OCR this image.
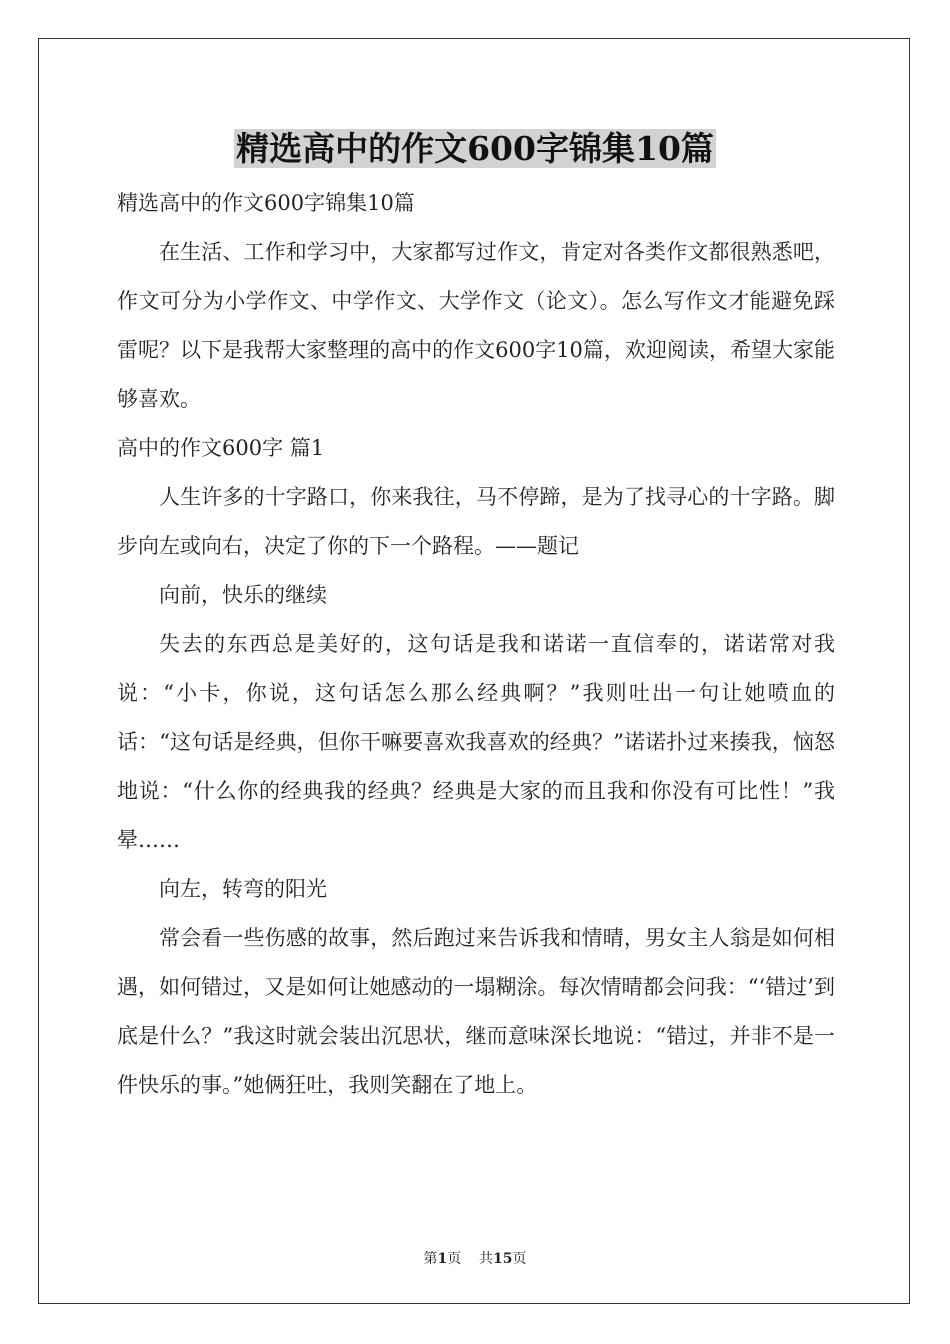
精选高中的作文600字锦集10篇

精选高中的作文600字锦集10篇

在生活、工作和学习中，大家都写过作文，肯定对各类作文都很熟悉吧，作文可分为小学作文、中学作文、大学作文（论文）。怎么写作文才能避免踩雷呢？以下是我帮大家整理的高中的作文600字10篇，欢迎阅读，希望大家能够喜欢。

高中的作文600字 篇1

人生许多的十字路口，你来我往，马不停蹄，是为了找寻心的十字路。脚步向左或向右，决定了你的下一个路程。——题记

向前，快乐的继续

失去的东西总是美好的，这句话是我和诺诺一直信奉的，诺诺常对我说：“小卡，你说，这句话怎么那么经典啊？”我则吐出一句让她喷血的话：“这句话是经典，但你干嘛要喜欢我喜欢的经典？”诺诺扑过来揍我，恼怒地说：“什么你的经典我的经典？经典是大家的而且我和你没有可比性！”我晕……

向左，转弯的阳光

常会看一些伤感的故事，然后跑过来告诉我和情晴，男女主人翁是如何相遇，如何错过，又是如何让她感动的一塌糊涂。每次情晴都会问我：“‘错过’到底是什么？”我这时就会装出沉思状，继而意味深长地说：“错过，并非不是一件快乐的事。”她俩狂吐，我则笑翻在了地上。

第1页 共15页
